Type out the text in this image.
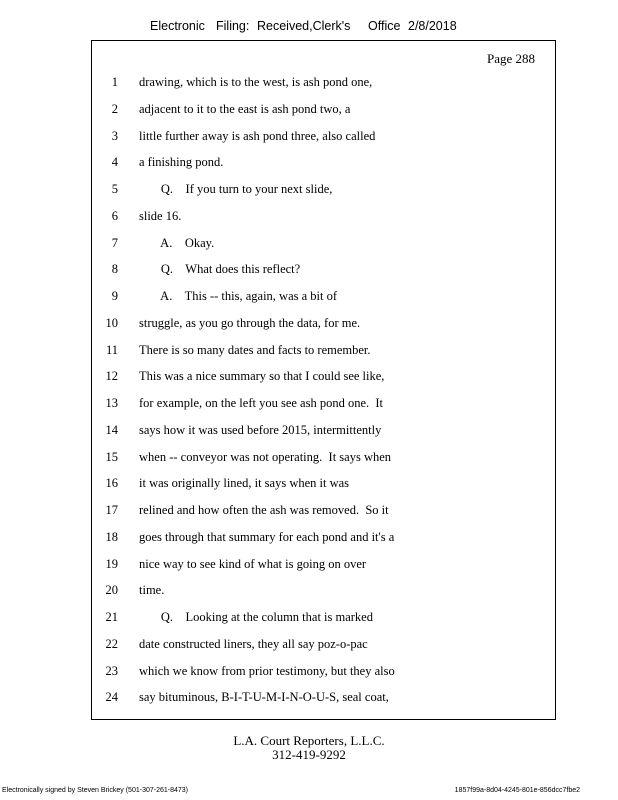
Electronic Filing: Received,Clerk's Office 2/8/2018
Page 288
1 drawing, which is to the west, is ash pond one,
2 adjacent to it to the east is ash pond two, a
3 little further away is ash pond three, also called
4 a finishing pond.
5 Q.    If you turn to your next slide,
6 slide 16.
7 A.    Okay.
8 Q.    What does this reflect?
9 A.    This -- this, again, was a bit of
10 struggle, as you go through the data, for me.
11 There is so many dates and facts to remember.
12 This was a nice summary so that I could see like,
13 for example, on the left you see ash pond one.  It
14 says how it was used before 2015, intermittently
15 when -- conveyor was not operating.  It says when
16 it was originally lined, it says when it was
17 relined and how often the ash was removed.  So it
18 goes through that summary for each pond and it's a
19 nice way to see kind of what is going on over
20 time.
21 Q.    Looking at the column that is marked
22 date constructed liners, they all say poz-o-pac
23 which we know from prior testimony, but they also
24 say bituminous, B-I-T-U-M-I-N-O-U-S, seal coat,
L.A. Court Reporters, L.L.C.
312-419-9292
Electronically signed by Steven Brickey (501-307-261-8473)	1857f99a-8d04-4245-801e-856dcc7fbe2
